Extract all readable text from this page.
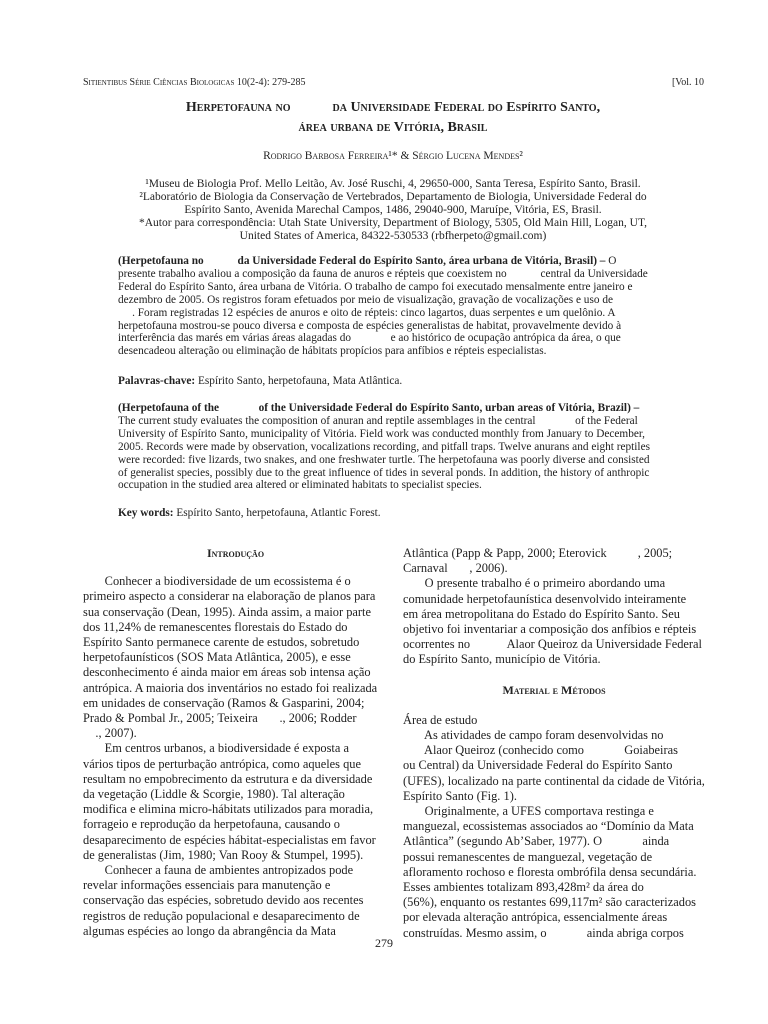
Sitientibus Série Ciências Biologicas 10(2-4): 279-285	[Vol. 10
Herpetofauna no            da Universidade Federal do Espírito Santo,
área urbana de Vitória, Brasil
Rodrigo Barbosa Ferreira¹* & Sérgio Lucena Mendes²
¹Museu de Biologia Prof. Mello Leitão, Av. José Ruschi, 4, 29650-000, Santa Teresa, Espírito Santo, Brasil.
²Laboratório de Biologia da Conservação de Vertebrados, Departamento de Biologia, Universidade Federal do
Espírito Santo, Avenida Marechal Campos, 1486, 29040-900, Maruípe, Vitória, ES, Brasil.
*Autor para correspondência: Utah State University, Department of Biology, 5305, Old Main Hill, Logan, UT,
United States of America, 84322-530533 (rbfherpeto@gmail.com)
(Herpetofauna no            da Universidade Federal do Espírito Santo, área urbana de Vitória, Brasil) – O
presente trabalho avaliou a composição da fauna de anuros e répteis que coexistem no            central da Universidade
Federal do Espírito Santo, área urbana de Vitória. O trabalho de campo foi executado mensalmente entre janeiro e
dezembro de 2005. Os registros foram efetuados por meio de visualização, gravação de vocalizações e uso de
. Foram registradas 12 espécies de anuros e oito de répteis: cinco lagartos, duas serpentes e um quelônio. A
herpetofauna mostrou-se pouco diversa e composta de espécies generalistas de habitat, provavelmente devido à
interferência das marés em várias áreas alagadas do              e ao histórico de ocupação antrópica da área, o que
desencadeou alteração ou eliminação de hábitats propícios para anfíbios e répteis especialistas.
Palavras-chave: Espírito Santo, herpetofauna, Mata Atlântica.
(Herpetofauna of the              of the Universidade Federal do Espírito Santo, urban areas of Vitória, Brazil) –
The current study evaluates the composition of anuran and reptile assemblages in the central              of the Federal
University of Espírito Santo, municipality of Vitória. Field work was conducted monthly from January to December,
2005. Records were made by observation, vocalizations recording, and pitfall traps. Twelve anurans and eight reptiles
were recorded: five lizards, two snakes, and one freshwater turtle. The herpetofauna was poorly diverse and consisted
of generalist species, possibly due to the great influence of tides in several ponds. In addition, the history of anthropic
occupation in the studied area altered or eliminated habitats to specialist species.
Key words: Espírito Santo, herpetofauna, Atlantic Forest.
Introdução
Conhecer a biodiversidade de um ecossistema é o
primeiro aspecto a considerar na elaboração de planos para
sua conservação (Dean, 1995). Ainda assim, a maior parte
dos 11,24% de remanescentes florestais do Estado do
Espírito Santo permanece carente de estudos, sobretudo
herpetofaunísticos (SOS Mata Atlântica, 2005), e esse
desconhecimento é ainda maior em áreas sob intensa ação
antrópica. A maioria dos inventários no estado foi realizada
em unidades de conservação (Ramos & Gasparini, 2004;
Prado & Pombal Jr., 2005; Teixeira       ., 2006; Rodder
., 2007).
Em centros urbanos, a biodiversidade é exposta a
vários tipos de perturbação antrópica, como aqueles que
resultam no empobrecimento da estrutura e da diversidade
da vegetação (Liddle & Scorgie, 1980). Tal alteração
modifica e elimina micro-hábitats utilizados para moradia,
forrageio e reprodução da herpetofauna, causando o
desaparecimento de espécies hábitat-especialistas em favor
de generalistas (Jim, 1980; Van Rooy & Stumpel, 1995).
Conhecer a fauna de ambientes antropizados pode
revelar informações essenciais para manutenção e
conservação das espécies, sobretudo devido aos recentes
registros de redução populacional e desaparecimento de
algumas espécies ao longo da abrangência da Mata
Atlântica (Papp & Papp, 2000; Eterovick          , 2005;
Carnaval       , 2006).
O presente trabalho é o primeiro abordando uma
comunidade herpetofaunística desenvolvido inteiramente
em área metropolitana do Estado do Espírito Santo. Seu
objetivo foi inventariar a composição dos anfíbios e répteis
ocorrentes no            Alaor Queiroz da Universidade Federal
do Espírito Santo, município de Vitória.
Material e Métodos
Área de estudo
As atividades de campo foram desenvolvidas no
Alaor Queiroz (conhecido como             Goiabeiras
ou Central) da Universidade Federal do Espírito Santo
(UFES), localizado na parte continental da cidade de Vitória,
Espírito Santo (Fig. 1).
Originalmente, a UFES comportava restinga e
manguezal, ecossistemas associados ao “Domínio da Mata
Atlântica” (segundo Ab’Saber, 1977). O             ainda
possui remanescentes de manguezal, vegetação de
afloramento rochoso e floresta ombrófila densa secundária.
Esses ambientes totalizam 893,428m² da área do
(56%), enquanto os restantes 699,117m² são caracterizados
por elevada alteração antrópica, essencialmente áreas
construídas. Mesmo assim, o             ainda abriga corpos
279
